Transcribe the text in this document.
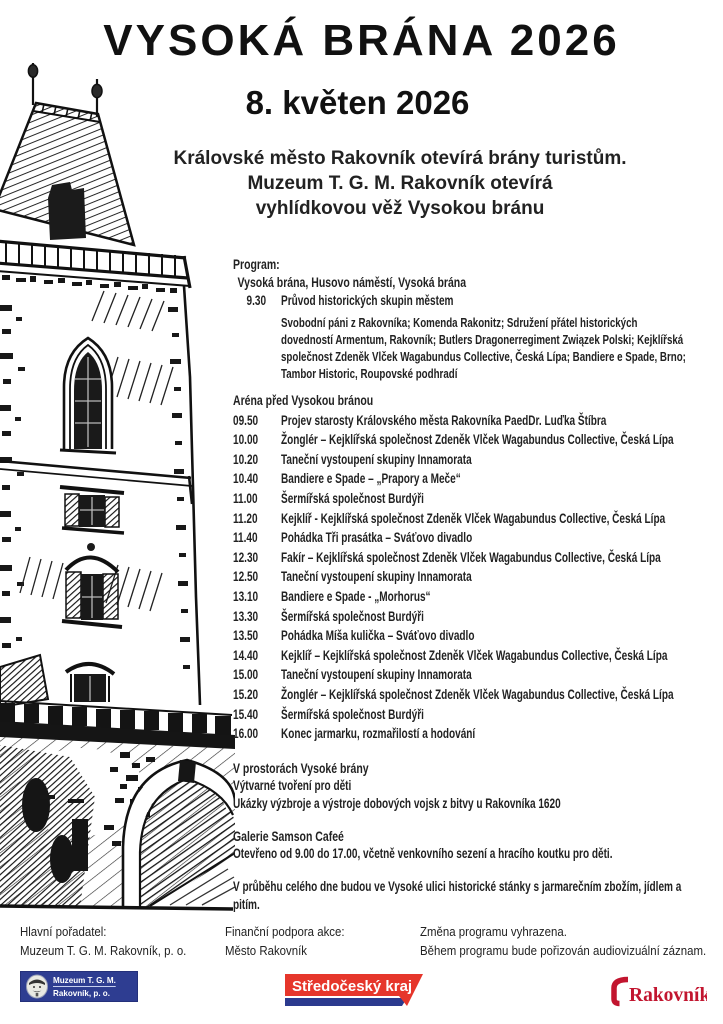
VYSOKÁ BRÁNA 2026
8. květen 2026
Královské město Rakovník otevírá brány turistům.
Muzeum T. G. M. Rakovník otevírá
vyhlídkovou věž Vysokou bránu
Program:
Vysoká brána, Husovo náměstí, Vysoká brána
9.30	Průvod historických skupin městem
Svobodní páni z Rakovníka; Komenda Rakonitz; Sdružení přátel historických dovedností Armentum, Rakovník; Butlers Dragonerregiment Związek Polski; Kejklířská společnost Zdeněk Vlček Wagabundus Collective, Česká Lípa; Bandiere e Spade, Brno; Tambor Historic, Roupovské podhradí
Aréna před Vysokou bránou
09.50	Projev starosty Královského města Rakovníka PaedDr. Luďka Štíbra
10.00	Žonglér – Kejklířská společnost Zdeněk Vlček Wagabundus Collective, Česká Lípa
10.20	Taneční vystoupení skupiny Innamorata
10.40	Bandiere e Spade – „Prapory a Meče“
11.00	Šermířská společnost Burdýři
11.20	Kejklíř - Kejklířská společnost Zdeněk Vlček Wagabundus Collective, Česká Lípa
11.40	Pohádka Tři prasátka – Sváťovo divadlo
12.30	Fakír – Kejklířská společnost Zdeněk Vlček Wagabundus Collective, Česká Lípa
12.50	Taneční vystoupení skupiny Innamorata
13.10	Bandiere e Spade - „Morhorus“
13.30	Šermířská společnost Burdýři
13.50	Pohádka Míša kulička – Sváťovo divadlo
14.40	Kejklíř – Kejklířská společnost Zdeněk Vlček Wagabundus Collective, Česká Lípa
15.00	Taneční vystoupení skupiny Innamorata
15.20	Žonglér – Kejklířská společnost Zdeněk Vlček Wagabundus Collective, Česká Lípa
15.40	Šermířská společnost Burdýři
16.00	Konec jarmarku, rozmařilostí a hodování
V prostorách Vysoké brány
Výtvarné tvoření pro děti
Ukázky výzbroje a výstroje dobových vojsk z bitvy u Rakovníka 1620
Galerie Samson Cafeé
Otevřeno od 9.00 do 17.00, včetně venkovního sezení a hracího koutku pro děti.
V průběhu celého dne budou ve Vysoké ulici historické stánky s jarmarečním zbožím, jídlem a pitím.
Hlavní pořadatel:
Muzeum T. G. M. Rakovník, p. o.
Finanční podpora akce:
Město Rakovník
Změna programu vyhrazena.
Během programu bude pořizován audiovizuální záznam.
Muzeum T. G. M.
Rakovník, p. o.	Středočeský kraj	Rakovník
